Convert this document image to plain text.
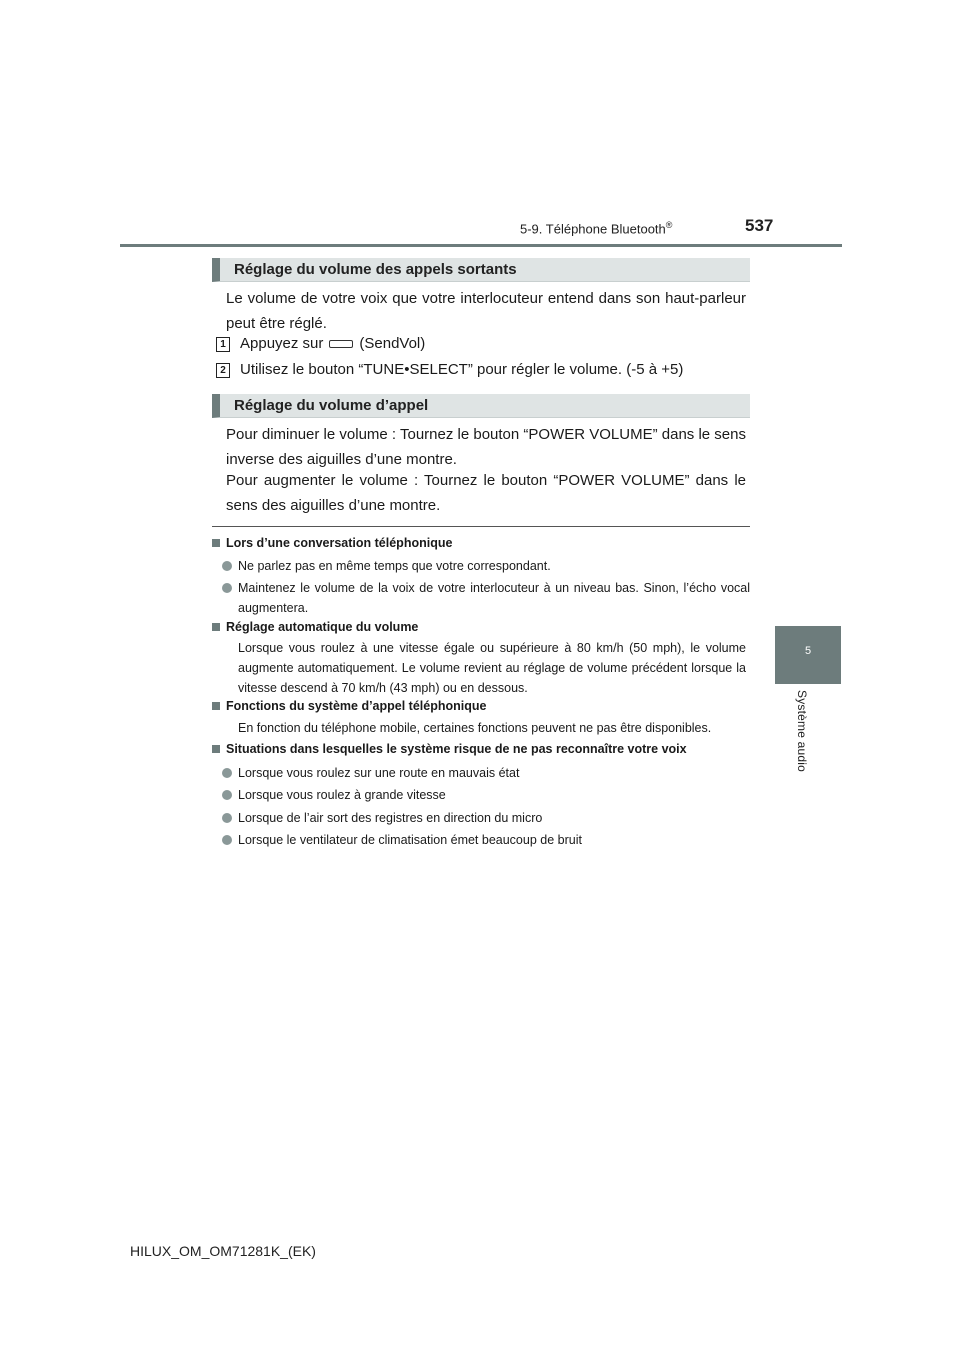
5-9. Téléphone Bluetooth®	537
5
Système audio
Réglage du volume des appels sortants
Le volume de votre voix que votre interlocuteur entend dans son haut-parleur peut être réglé.
1 Appuyez sur (SendVol)
2 Utilisez le bouton “TUNE•SELECT” pour régler le volume. (-5 à +5)
Réglage du volume d’appel
Pour diminuer le volume : Tournez le bouton “POWER VOLUME” dans le sens inverse des aiguilles d’une montre.
Pour augmenter le volume : Tournez le bouton “POWER VOLUME” dans le sens des aiguilles d’une montre.
Lors d’une conversation téléphonique
Ne parlez pas en même temps que votre correspondant.
Maintenez le volume de la voix de votre interlocuteur à un niveau bas. Sinon, l’écho vocal augmentera.
Réglage automatique du volume
Lorsque vous roulez à une vitesse égale ou supérieure à 80 km/h (50 mph), le volume augmente automatiquement. Le volume revient au réglage de volume précédent lorsque la vitesse descend à 70 km/h (43 mph) ou en dessous.
Fonctions du système d’appel téléphonique
En fonction du téléphone mobile, certaines fonctions peuvent ne pas être disponibles.
Situations dans lesquelles le système risque de ne pas reconnaître votre voix
Lorsque vous roulez sur une route en mauvais état
Lorsque vous roulez à grande vitesse
Lorsque de l’air sort des registres en direction du micro
Lorsque le ventilateur de climatisation émet beaucoup de bruit
HILUX_OM_OM71281K_(EK)
